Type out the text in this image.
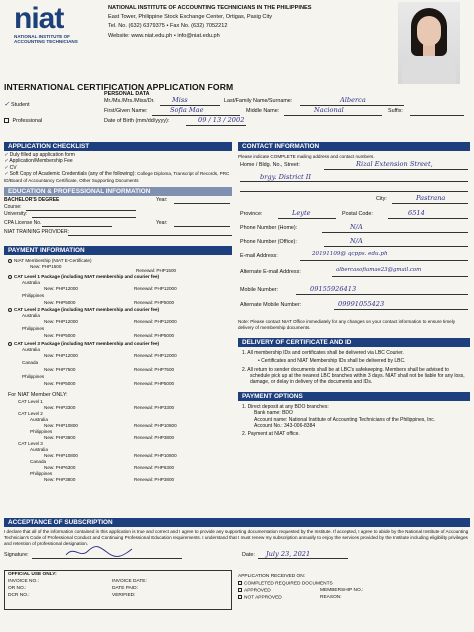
niat
NATIONAL INSTITUTE OF
ACCOUNTING TECHNICIANS
NATIONAL INSTITUTE OF ACCOUNTING TECHNICIANS IN THE PHILIPPINES
East Tower, Philippine Stock Exchange Center, Ortigas, Pasig City
Tel. No. (632) 6379375 • Fax No. (632) 7052212
Website: www.niat.edu.ph • info@niat.edu.ph
INTERNATIONAL CERTIFICATION APPLICATION FORM
✓ Student
Professional
PERSONAL DATA
Mr./Ms./Mrs./Miss/Dr.	Miss	Last/Family Name/Surname:	Alberca
First/Given Name:	Sofia Mae	Middle Name:	Nacional	Suffix:
Date of Birth (mm/dd/yyyy):	09 / 13 / 2002
APPLICATION CHECKLIST
✓ Duly filled up application form
✓ Application/Membership Fee
✓ CV
✓ Soft Copy of Academic Credentials (any of the following): College Diploma, Transcript of Records, PRC ID/Board of Accountancy Certificate, Other Supporting Documents
EDUCATION & PROFESSIONAL INFORMATION
BACHELOR'S DEGREE	Year:
Course:
University:
CPA License No.	Year:
NIAT TRAINING PROVIDER:
PAYMENT INFORMATION
NIAT Membership (NIAT E-Certificate)
New: PHP1500
Renewal: PHP1500
CAT Level 1 Package (including NIAT membership and courier fee)
Australia
New: PHP12000	Renewal: PHP12000
Philippines
New: PHP5000	Renewal: PHP5000
CAT Level 2 Package (including NIAT membership and courier fee)
Australia
New: PHP12000	Renewal: PHP12000
Philippines
New: PHP5000	Renewal: PHP5000
CAT Level 3 Package (including NIAT membership and courier fee)
Australia
New: PHP12000	Renewal: PHP12000
Canada
New: PHP7500	Renewal: PHP7500
Philippines
New: PHP5000	Renewal: PHP5000
For NIAT Member ONLY:
CAT Level 1
New: PHP3300	Renewal: PHP3300
CAT Level 2
Australia
New: PHP10800	Renewal: PHP10800
Philippines
New: PHP3800	Renewal: PHP3800
CAT Level 3
Australia
New: PHP10800	Renewal: PHP10800
Canada
New: PHP6300	Renewal: PHP6300
Philippines
New: PHP3800	Renewal: PHP3800
CONTACT INFORMATION
Please indicate COMPLETE mailing address and contact numbers.
Home / Bldg. No., Street:	Rizal Extension Street,
brgy. District II
City:	Pastrana
Province:	Leyte	Postal Code:	6514
Phone Number (Home):	N/A
Phone Number (Office):	N/A
E-mail Address:	20191109@ qcpps. edu.ph
Alternate E-mail Address:	albercasofiamae23@gmail.com
Mobile Number:	09155926413
Alternate Mobile Number:	09991055423
Note: Please contact NIAT Office immediately for any changes on your contact information to ensure timely delivery of membership documents.
DELIVERY OF CERTIFICATE AND ID
1. All membership IDs and certificates shall be delivered via LBC Courier.
• Certificates and NIAT Membership IDs shall be delivered by LBC.
2. All return to sender documents shall be at LBC's safekeeping. Members shall be advised to schedule pick up at the nearest LBC branches within 3 days. NIAT shall not be liable for any loss, damage, or delay in delivery of the documents and IDs.
PAYMENT OPTIONS
1. Direct deposit at any BDO branches:
Bank name: BDO
Account name: National Institute of Accounting Technicians of the Philippines, Inc.
Account No.: 343-006-8384
2. Payment at NIAT office.
ACCEPTANCE OF SUBSCRIPTION
I declare that all of the information contained in this application is true and correct and I agree to provide any supporting documentation requested by the Institute. If accepted, I agree to abide by the National Institute of Accounting Technician's Code of Professional Conduct and Continuing Professional Education requirements. I understand that I must renew my subscription annually to enjoy the services provided by the Institute including eligibility privileges and retention of professional designation.
Signature:	Date: July 23, 2021
OFFICIAL USE ONLY:
INVOICE NO.:	INVOICE DATE:
OR NO.:	DATE PAID:
DCR NO.:	VERIFIED:
APPLICATION RECEIVED ON:
COMPLETED REQUIRED DOCUMENTS
APPROVED	MEMBERSHIP NO.:
NOT APPROVED	REASON:
